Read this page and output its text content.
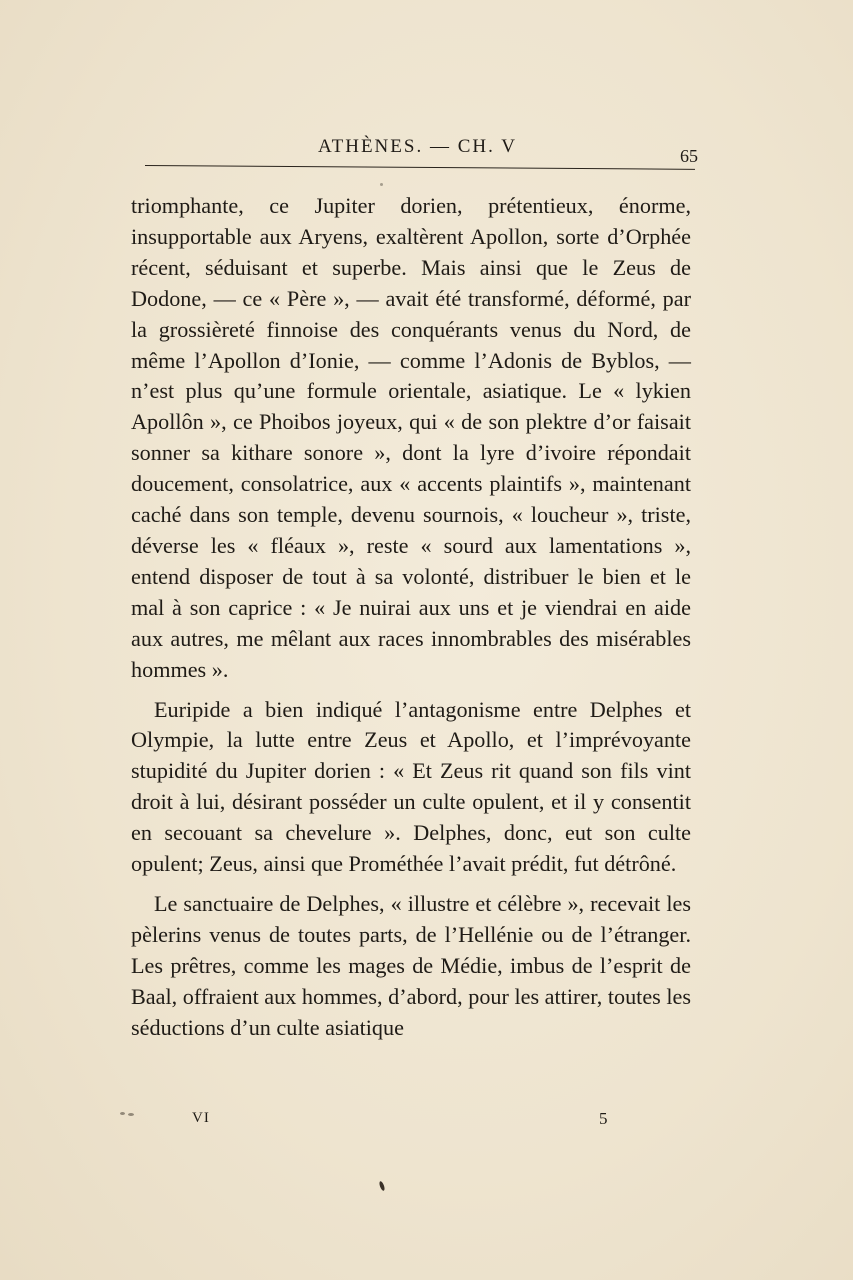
ATHÈNES. — CH. V	65

triomphante, ce Jupiter dorien, prétentieux, énorme, insupportable aux Aryens, exaltèrent Apollon, sorte d’Orphée récent, séduisant et superbe. Mais ainsi que le Zeus de Dodone, — ce « Père », — avait été transformé, déformé, par la grossièreté finnoise des conquérants venus du Nord, de même l’Apollon d’Ionie, — comme l’Adonis de Byblos, — n’est plus qu’une formule orientale, asiatique. Le « lykien Apollôn », ce Phoibos joyeux, qui « de son plektre d’or faisait sonner sa kithare sonore », dont la lyre d’ivoire répondait doucement, consolatrice, aux « accents plaintifs », maintenant caché dans son temple, devenu sournois, « loucheur », triste, déverse les « fléaux », reste « sourd aux lamentations », entend disposer de tout à sa volonté, distribuer le bien et le mal à son caprice : « Je nuirai aux uns et je viendrai en aide aux autres, me mêlant aux races innombrables des misérables hommes ».

Euripide a bien indiqué l’antagonisme entre Delphes et Olympie, la lutte entre Zeus et Apollo, et l’imprévoyante stupidité du Jupiter dorien : « Et Zeus rit quand son fils vint droit à lui, désirant posséder un culte opulent, et il y consentit en secouant sa chevelure ». Delphes, donc, eut son culte opulent; Zeus, ainsi que Prométhée l’avait prédit, fut détrôné.

Le sanctuaire de Delphes, « illustre et célèbre », recevait les pèlerins venus de toutes parts, de l’Hellénie ou de l’étranger. Les prêtres, comme les mages de Médie, imbus de l’esprit de Baal, offraient aux hommes, d’abord, pour les attirer, toutes les séductions d’un culte asiatique

VI	5
